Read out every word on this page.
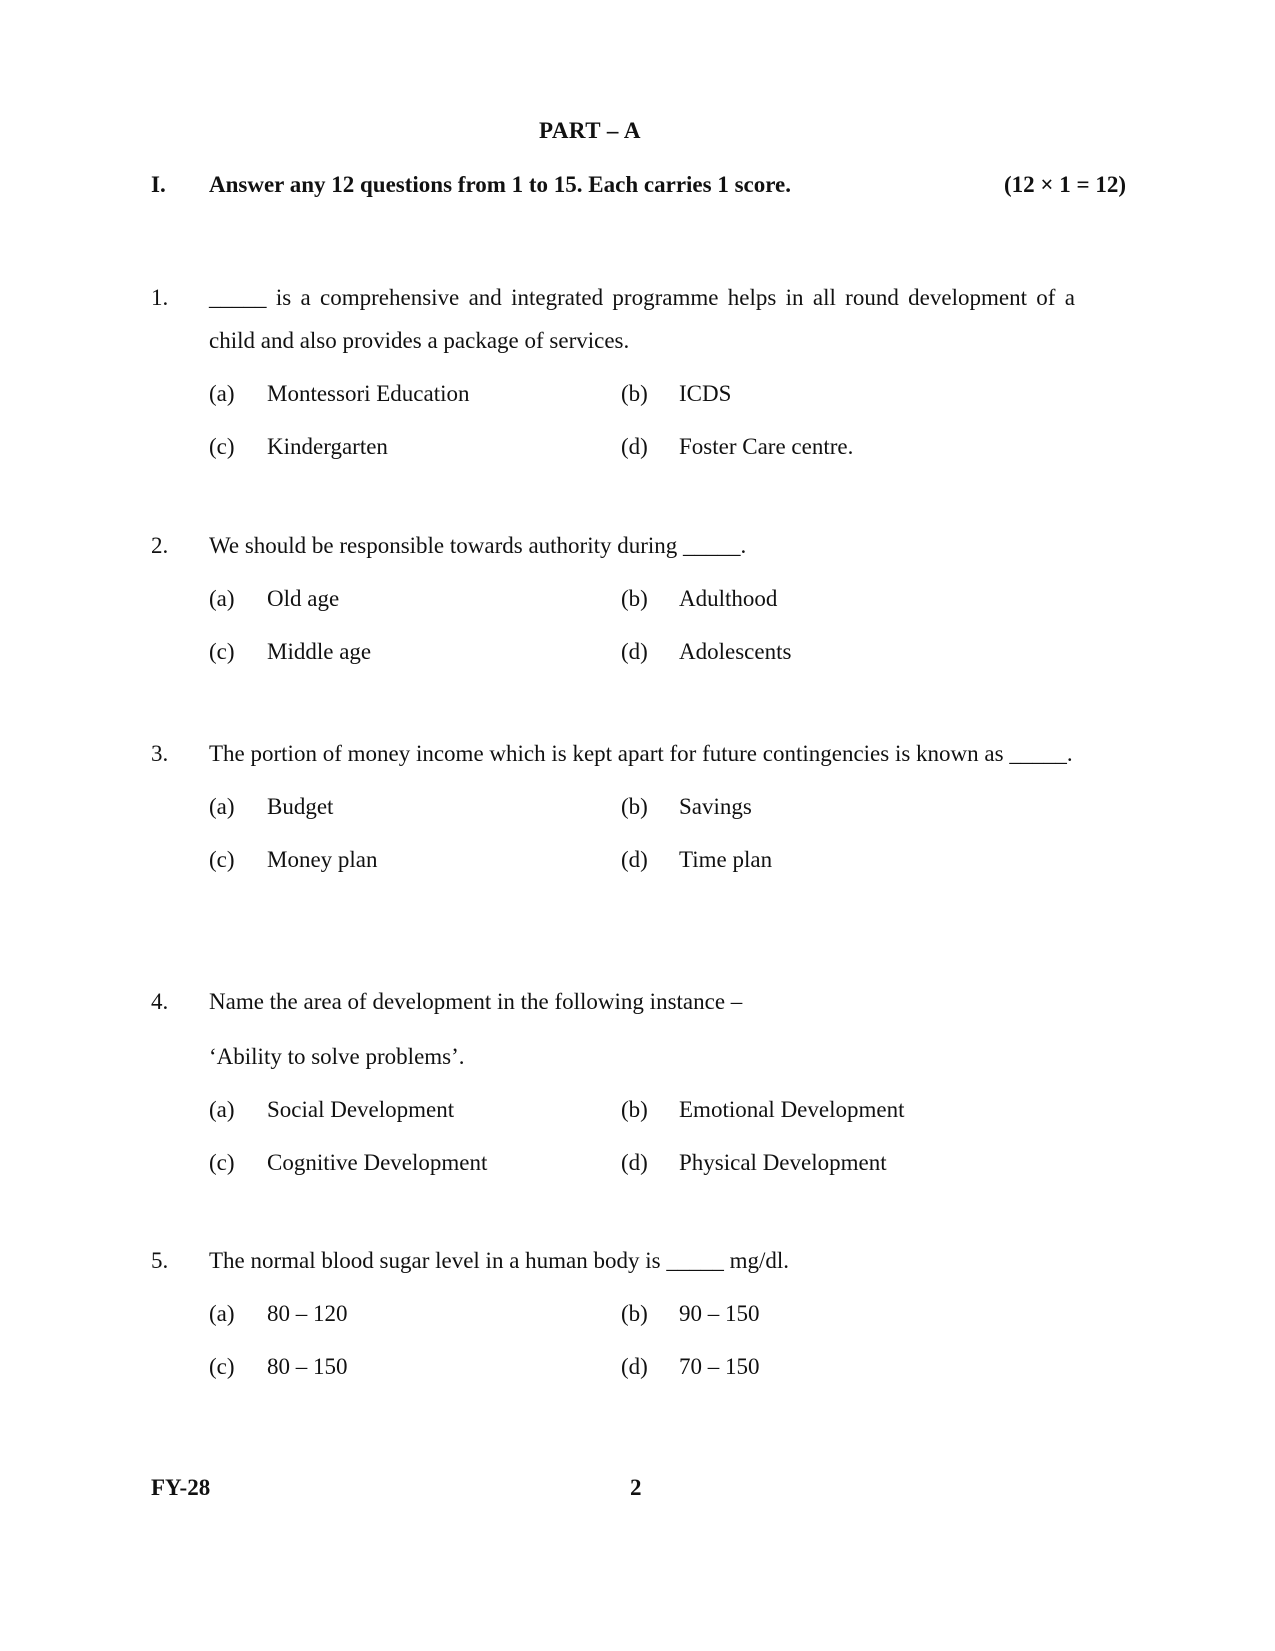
PART – A
I. Answer any 12 questions from 1 to 15. Each carries 1 score.	(12 × 1 = 12)
1. _____ is a comprehensive and integrated programme helps in all round development of a child and also provides a package of services.
(a)	Montessori Education	(b)	ICDS
(c)	Kindergarten	(d)	Foster Care centre.
2. We should be responsible towards authority during _____.
(a)	Old age	(b)	Adulthood
(c)	Middle age	(d)	Adolescents
3. The portion of money income which is kept apart for future contingencies is known as _____.
(a)	Budget	(b)	Savings
(c)	Money plan	(d)	Time plan
4. Name the area of development in the following instance –
‘Ability to solve problems’.
(a)	Social Development	(b)	Emotional Development
(c)	Cognitive Development	(d)	Physical Development
5. The normal blood sugar level in a human body is _____ mg/dl.
(a)	80 – 120	(b)	90 – 150
(c)	80 – 150	(d)	70 – 150
FY-28	2
